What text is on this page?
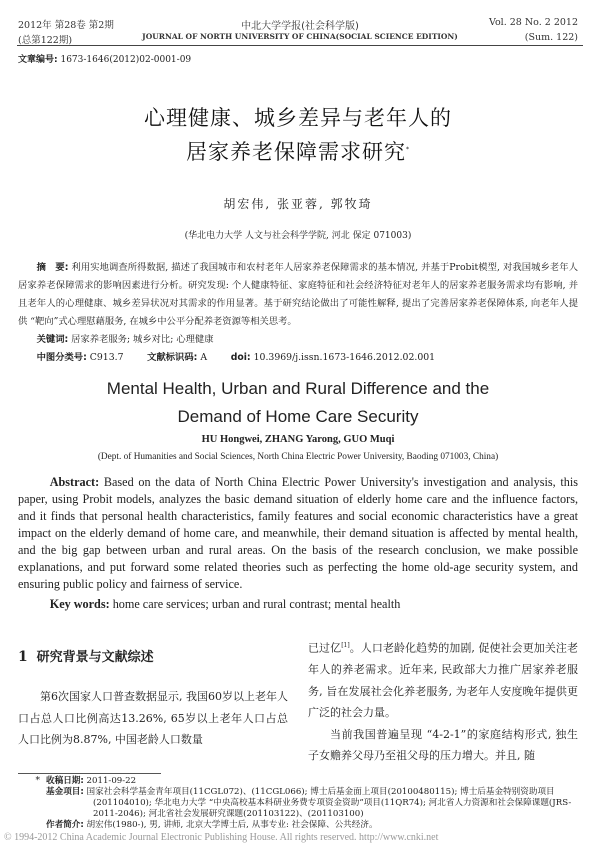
2012年 第28卷 第2期
(总第122期)
中北大学学报(社会科学版)
JOURNAL OF NORTH UNIVERSITY OF CHINA(SOCIAL SCIENCE EDITION)
Vol. 28 No. 2 2012
(Sum. 122)
文章编号: 1673-1646(2012)02-0001-09
心理健康、城乡差异与老年人的
居家养老保障需求研究*
胡宏伟, 张亚蓉, 郭牧琦
(华北电力大学 人文与社会科学学院, 河北 保定 071003)
摘　要: 利用实地调查所得数据, 描述了我国城市和农村老年人居家养老保障需求的基本情况, 并基于Probit模型, 对我国城乡老年人居家养老保障需求的影响因素进行分析。研究发现: 个人健康特征、家庭特征和社会经济特征对老年人的居家养老服务需求均有影响, 并且老年人的心理健康、城乡差异状况对其需求的作用显著。基于研究结论做出了可能性解释, 提出了完善居家养老保障体系, 向老年人提供 “靶向”式心理慰藉服务, 在城乡中公平分配养老资源等相关思考。
关键词: 居家养老服务; 城乡对比; 心理健康
中图分类号: C913.7	文献标识码: A	doi: 10.3969/j.issn.1673-1646.2012.02.001
Mental Health, Urban and Rural Difference and the
Demand of Home Care Security
HU Hongwei, ZHANG Yarong, GUO Muqi
(Dept. of Humanities and Social Sciences, North China Electric Power University, Baoding 071003, China)
Abstract: Based on the data of North China Electric Power University's investigation and analysis, this paper, using Probit models, analyzes the basic demand situation of elderly home care and the influence factors, and it finds that personal health characteristics, family features and social economic characteristics have a great impact on the elderly demand of home care, and meanwhile, their demand situation is affected by mental health, and the big gap between urban and rural areas. On the basis of the research conclusion, we make possible explanations, and put forward some related theories such as perfecting the home old-age security system, and ensuring public policy and fairness of service.
Key words: home care services; urban and rural contrast; mental health
1 研究背景与文献综述
第6次国家人口普查数据显示, 我国60岁以上老年人口占总人口比例高达13.26%, 65岁以上老年人口占总人口比例为8.87%, 中国老龄人口数量
已过亿[1]。人口老龄化趋势的加剧, 促使社会更加关注老年人的养老需求。近年来, 民政部大力推广居家养老服务, 旨在发展社会化养老服务, 为老年人安度晚年提供更广泛的社会力量。
当前我国普遍呈现 “4-2-1”的家庭结构形式, 独生子女赡养父母乃至祖父母的压力增大。并且, 随
* 收稿日期: 2011-09-22
基金项目: 国家社会科学基金青年项目(11CGL072)、(11CGL066); 博士后基金面上项目(20100480115); 博士后基金特别资助项目(201104010); 华北电力大学 “中央高校基本科研业务费专项资金资助”项目(11QR74); 河北省人力资源和社会保障课题(JRS-2011-2046); 河北省社会发展研究课题(201103122)、(201103100)
作者简介: 胡宏伟(1980-), 男, 讲师, 北京大学博士后, 从事专业: 社会保障、公共经济。
© 1994-2012 China Academic Journal Electronic Publishing House. All rights reserved. http://www.cnki.net
